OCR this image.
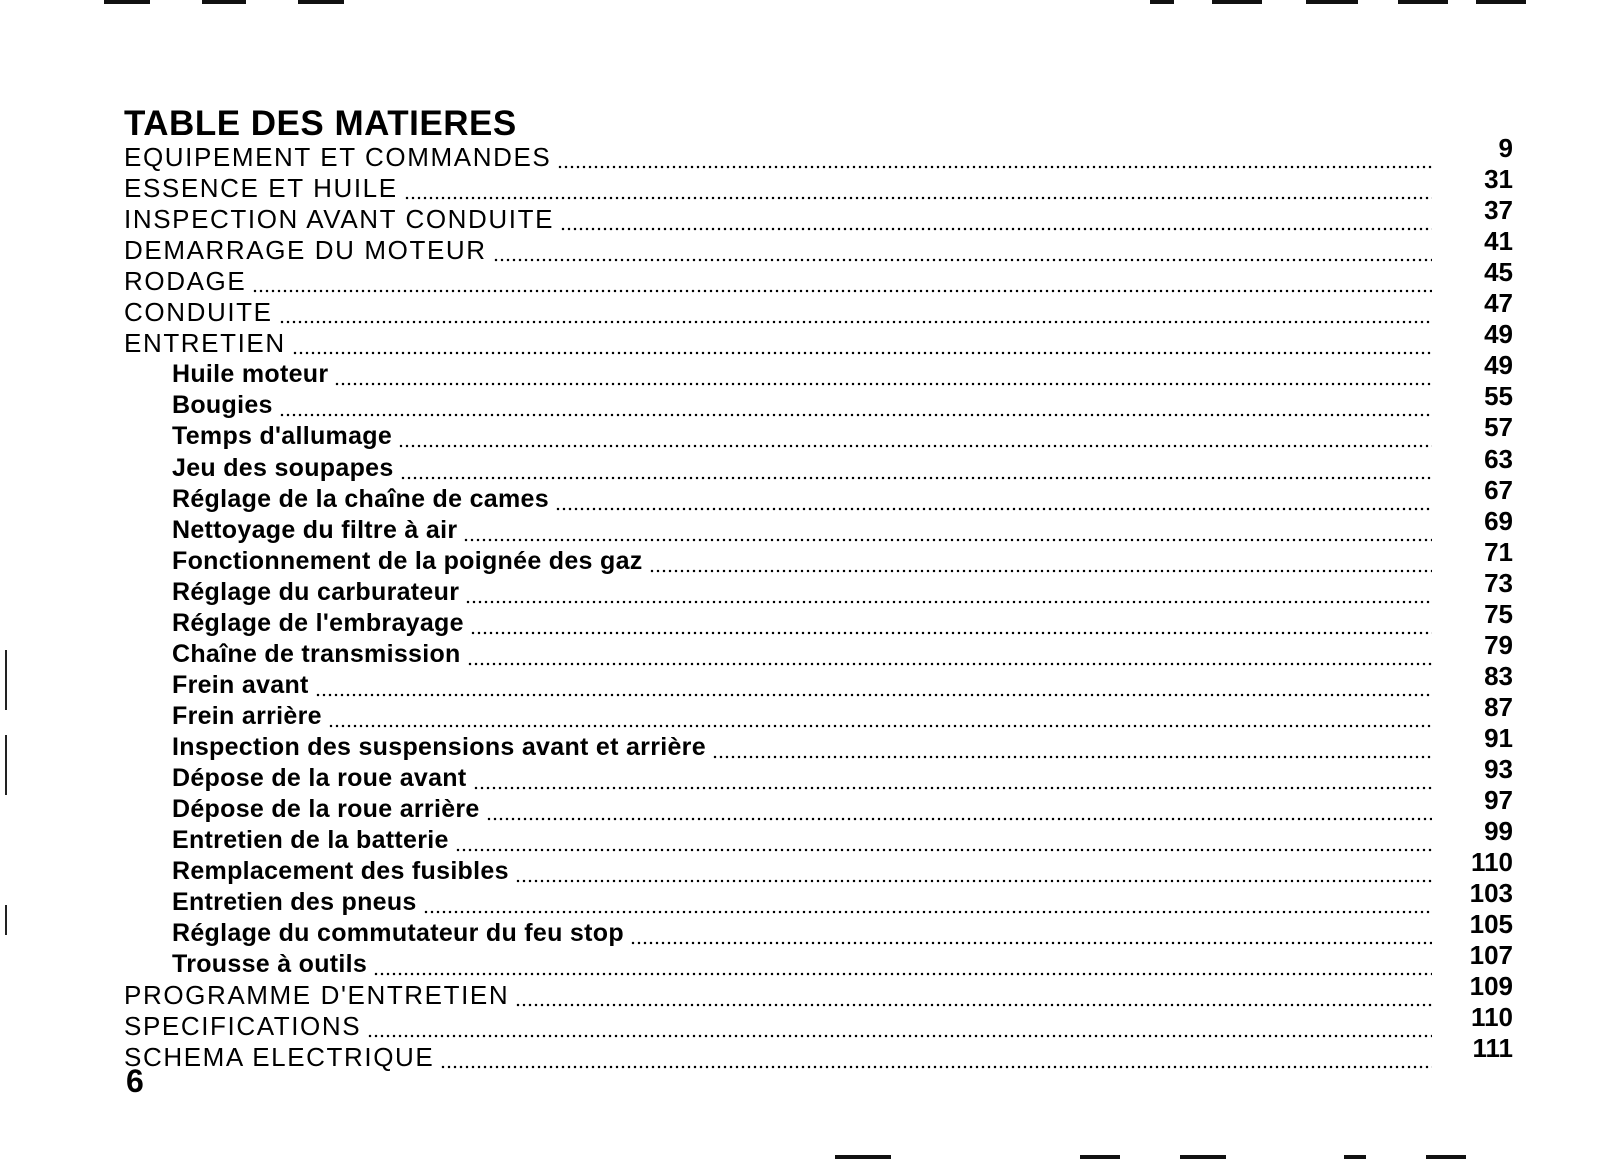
TABLE DES MATIERES
EQUIPEMENT ET COMMANDES	9
ESSENCE ET HUILE	31
INSPECTION AVANT CONDUITE	37
DEMARRAGE DU MOTEUR	41
RODAGE	45
CONDUITE	47
ENTRETIEN	49
Huile moteur	49
Bougies	55
Temps d'allumage	57
Jeu des soupapes	63
Réglage de la chaîne de cames	67
Nettoyage du filtre à air	69
Fonctionnement de la poignée des gaz	71
Réglage du carburateur	73
Réglage de l'embrayage	75
Chaîne de transmission	79
Frein avant	83
Frein arrière	87
Inspection des suspensions avant et arrière	91
Dépose de la roue avant	93
Dépose de la roue arrière	97
Entretien de la batterie	99
Remplacement des fusibles	110
Entretien des pneus	103
Réglage du commutateur du feu stop	105
Trousse à outils	107
PROGRAMME D'ENTRETIEN	109
SPECIFICATIONS	110
SCHEMA ELECTRIQUE	111
6
